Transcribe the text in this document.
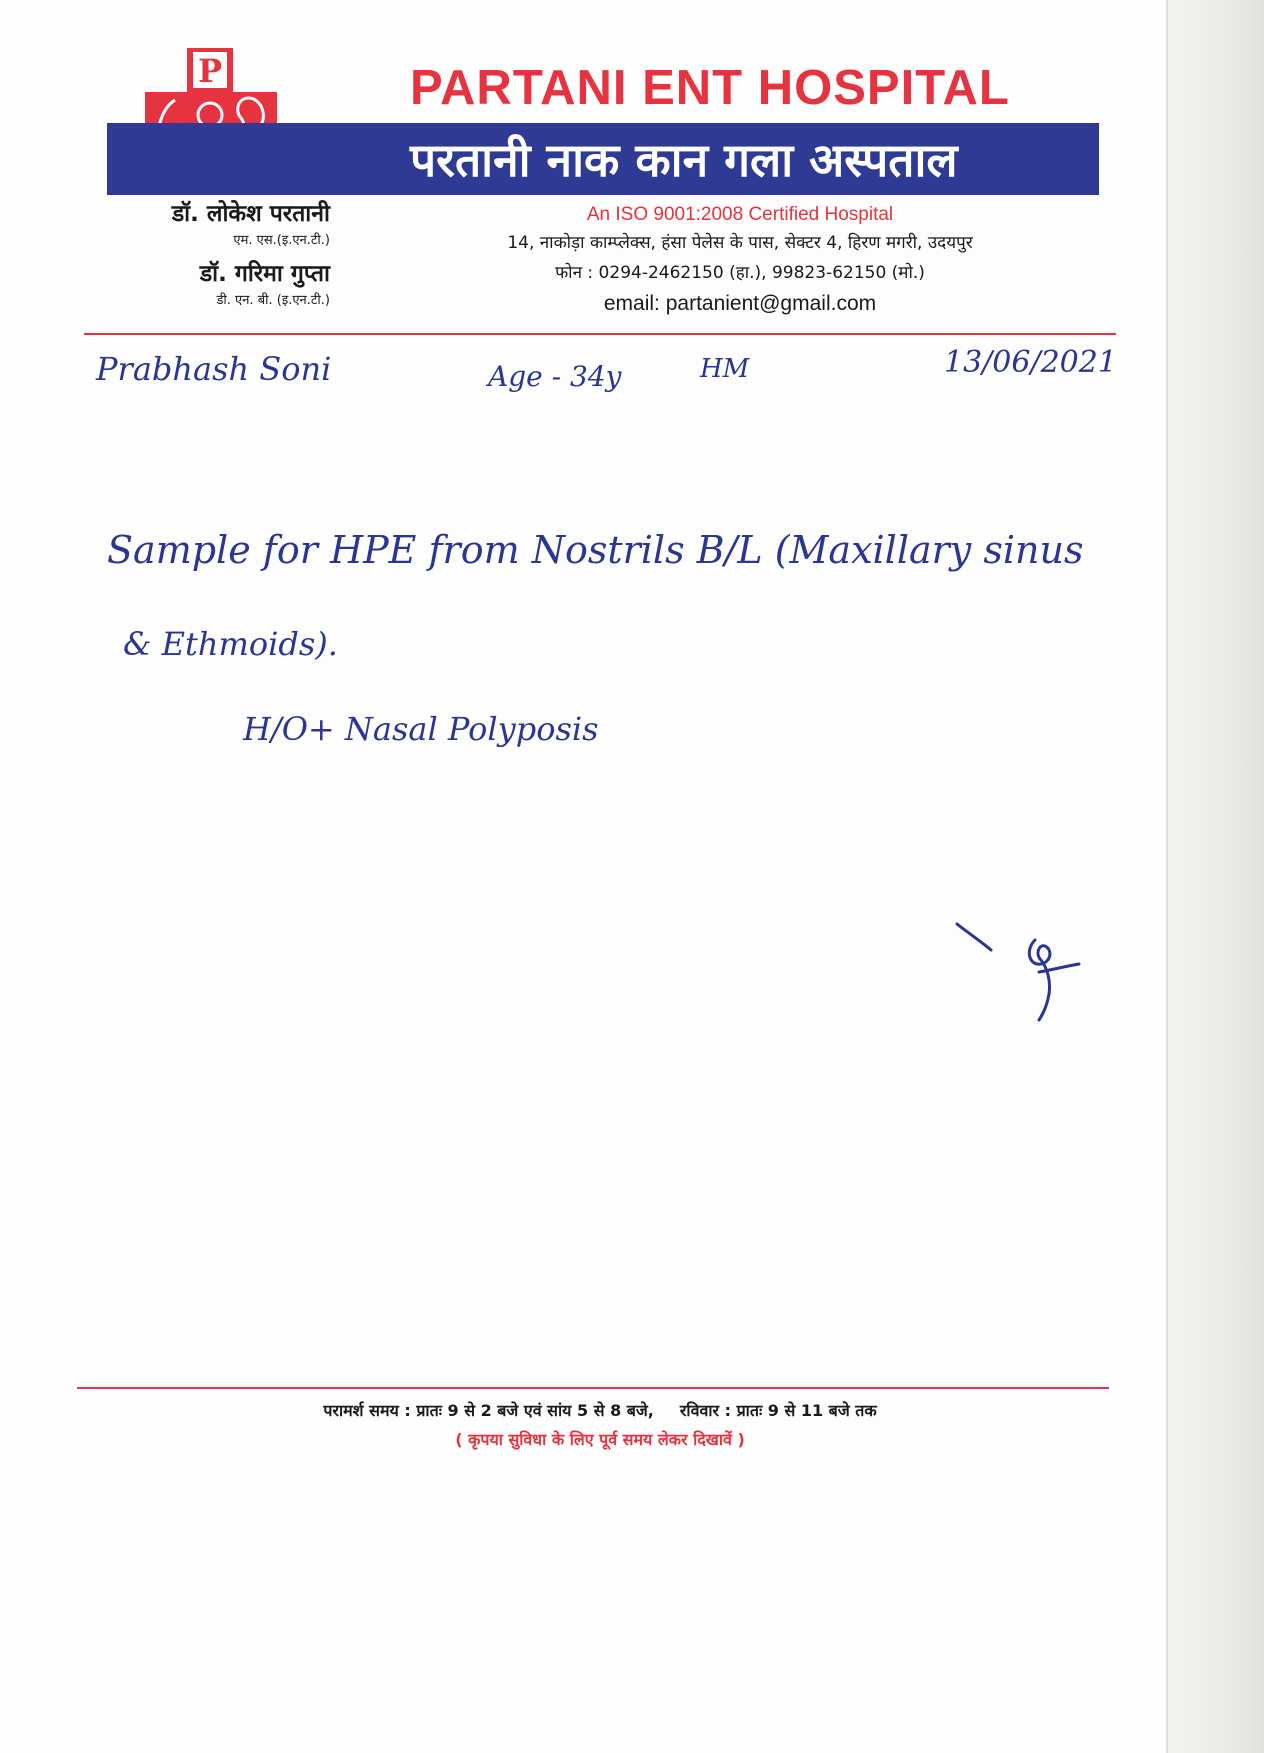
P	PARTANI ENT HOSPITAL
परतानी नाक कान गला अस्पताल
डॉ. लोकेश परतानी
एम. एस.(इ.एन.टी.)
डॉ. गरिमा गुप्ता
डी. एन. बी. (इ.एन.टी.)
An ISO 9001:2008 Certified Hospital
14, नाकोड़ा काम्प्लेक्स, हंसा पेलेस के पास, सेक्टर 4, हिरण मगरी, उदयपुर
फोन : 0294-2462150 (हा.), 99823-62150 (मो.)
email: partanient@gmail.com
Prabhash Soni	Age - 34y	HM	13/06/2021
Sample for HPE from Nostrils B/L (Maxillary sinus
& Ethmoids).
H/O+ Nasal Polyposis
परामर्श समय : प्रातः 9 से 2 बजे एवं सांय 5 से 8 बजे, रविवार : प्रातः 9 से 11 बजे तक
( कृपया सुविधा के लिए पूर्व समय लेकर दिखावें )
